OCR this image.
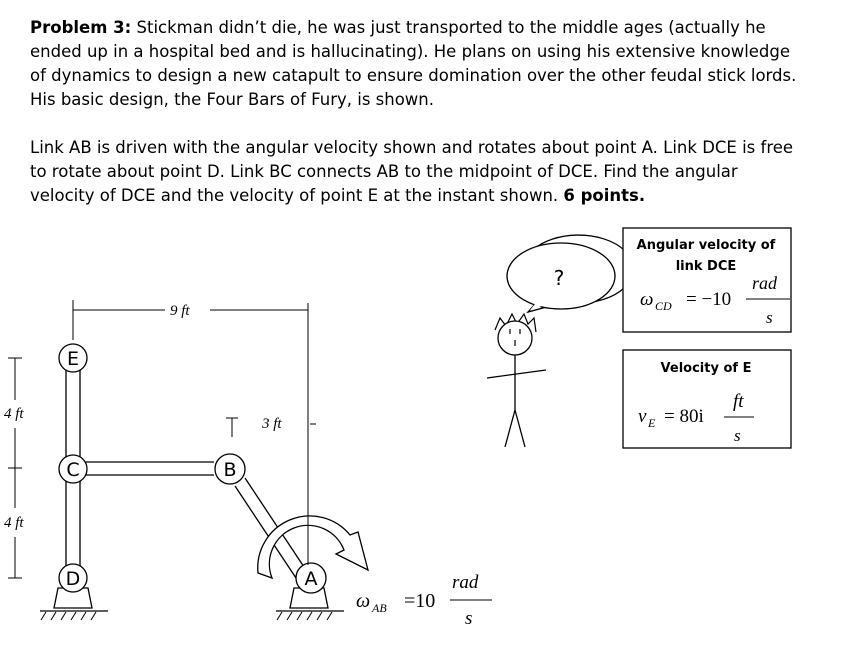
Problem 3: Stickman didn’t die, he was just transported to the middle ages (actually he ended up in a hospital bed and is hallucinating). He plans on using his extensive knowledge of dynamics to design a new catapult to ensure domination over the other feudal stick lords. His basic design, the Four Bars of Fury, is shown.
Link AB is driven with the angular velocity shown and rotates about point A. Link DCE is free to rotate about point D. Link BC connects AB to the midpoint of DCE. Find the angular velocity of DCE and the velocity of point E at the instant shown. 6 points.
E
C
D
B
A
9 ft
4 ft
4 ft
3 ft
ω AB =10
rad
s
?
Angular velocity of
link DCE
ω CD = −10
rad
s
Velocity of E
v E = 80i
ft
s
